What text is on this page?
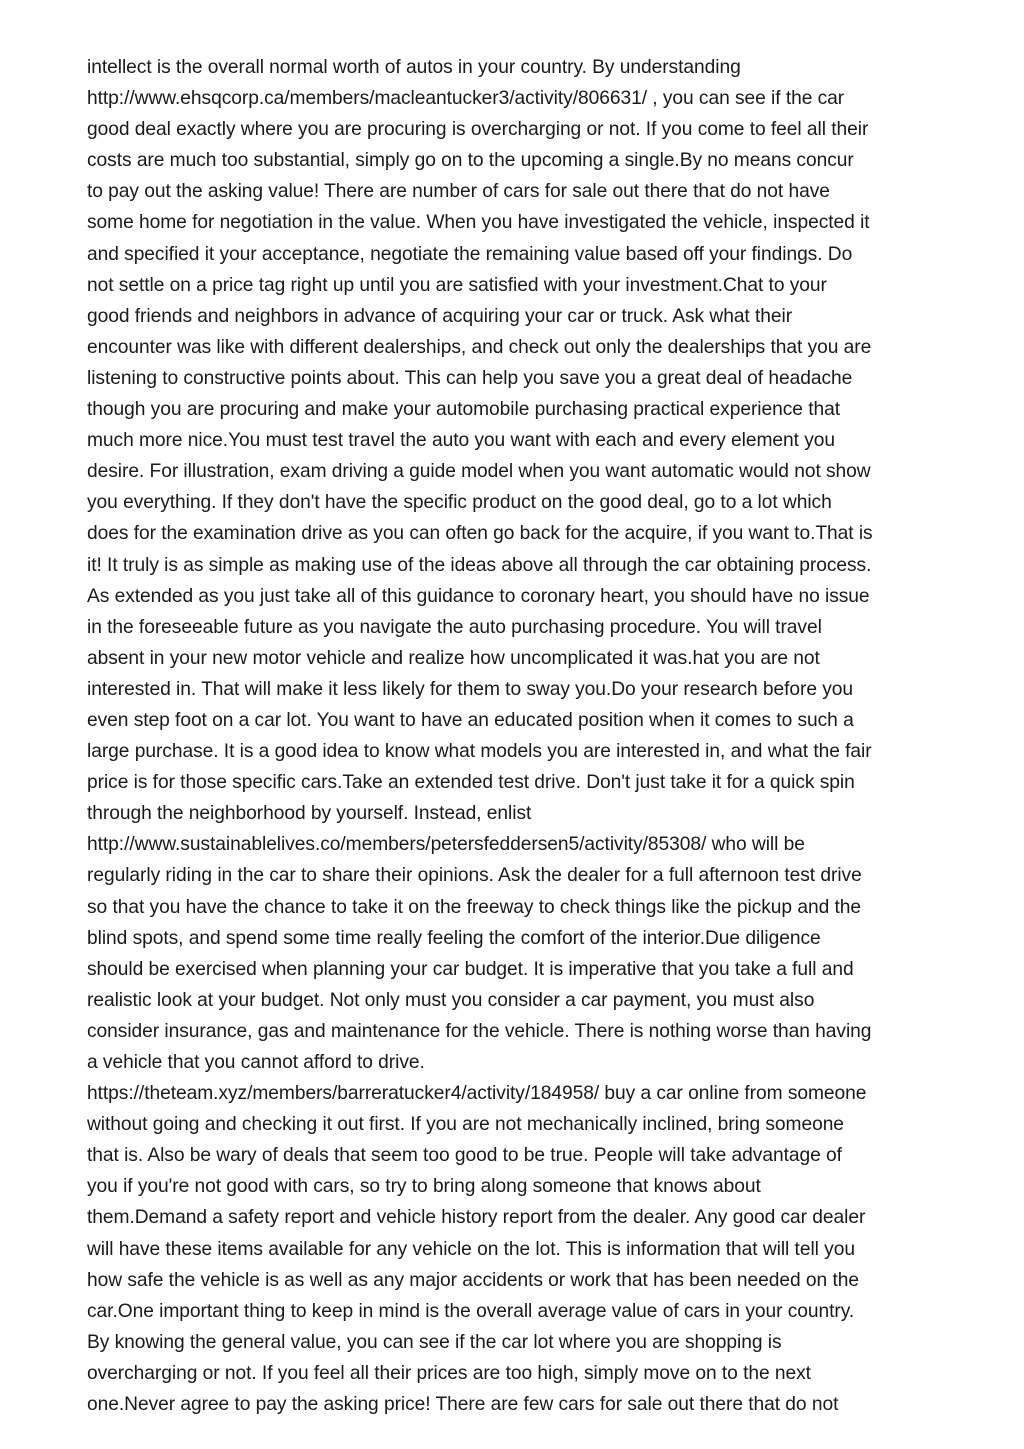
intellect is the overall normal worth of autos in your country. By understanding
http://www.ehsqcorp.ca/members/macleantucker3/activity/806631/ , you can see if the car
good deal exactly where you are procuring is overcharging or not. If you come to feel all their
costs are much too substantial, simply go on to the upcoming a single.By no means concur
to pay out the asking value! There are number of cars for sale out there that do not have
some home for negotiation in the value. When you have investigated the vehicle, inspected it
and specified it your acceptance, negotiate the remaining value based off your findings. Do
not settle on a price tag right up until you are satisfied with your investment.Chat to your
good friends and neighbors in advance of acquiring your car or truck. Ask what their
encounter was like with different dealerships, and check out only the dealerships that you are
listening to constructive points about. This can help you save you a great deal of headache
though you are procuring and make your automobile purchasing practical experience that
much more nice.You must test travel the auto you want with each and every element you
desire. For illustration, exam driving a guide model when you want automatic would not show
you everything. If they don't have the specific product on the good deal, go to a lot which
does for the examination drive as you can often go back for the acquire, if you want to.That is
it! It truly is as simple as making use of the ideas above all through the car obtaining process.
As extended as you just take all of this guidance to coronary heart, you should have no issue
in the foreseeable future as you navigate the auto purchasing procedure. You will travel
absent in your new motor vehicle and realize how uncomplicated it was.hat you are not
interested in. That will make it less likely for them to sway you.Do your research before you
even step foot on a car lot. You want to have an educated position when it comes to such a
large purchase. It is a good idea to know what models you are interested in, and what the fair
price is for those specific cars.Take an extended test drive. Don't just take it for a quick spin
through the neighborhood by yourself. Instead, enlist
http://www.sustainablelives.co/members/petersfeddersen5/activity/85308/ who will be
regularly riding in the car to share their opinions. Ask the dealer for a full afternoon test drive
so that you have the chance to take it on the freeway to check things like the pickup and the
blind spots, and spend some time really feeling the comfort of the interior.Due diligence
should be exercised when planning your car budget. It is imperative that you take a full and
realistic look at your budget. Not only must you consider a car payment, you must also
consider insurance, gas and maintenance for the vehicle. There is nothing worse than having
a vehicle that you cannot afford to drive.
https://theteam.xyz/members/barreratucker4/activity/184958/ buy a car online from someone
without going and checking it out first. If you are not mechanically inclined, bring someone
that is. Also be wary of deals that seem too good to be true. People will take advantage of
you if you're not good with cars, so try to bring along someone that knows about
them.Demand a safety report and vehicle history report from the dealer. Any good car dealer
will have these items available for any vehicle on the lot. This is information that will tell you
how safe the vehicle is as well as any major accidents or work that has been needed on the
car.One important thing to keep in mind is the overall average value of cars in your country.
By knowing the general value, you can see if the car lot where you are shopping is
overcharging or not. If you feel all their prices are too high, simply move on to the next
one.Never agree to pay the asking price! There are few cars for sale out there that do not
